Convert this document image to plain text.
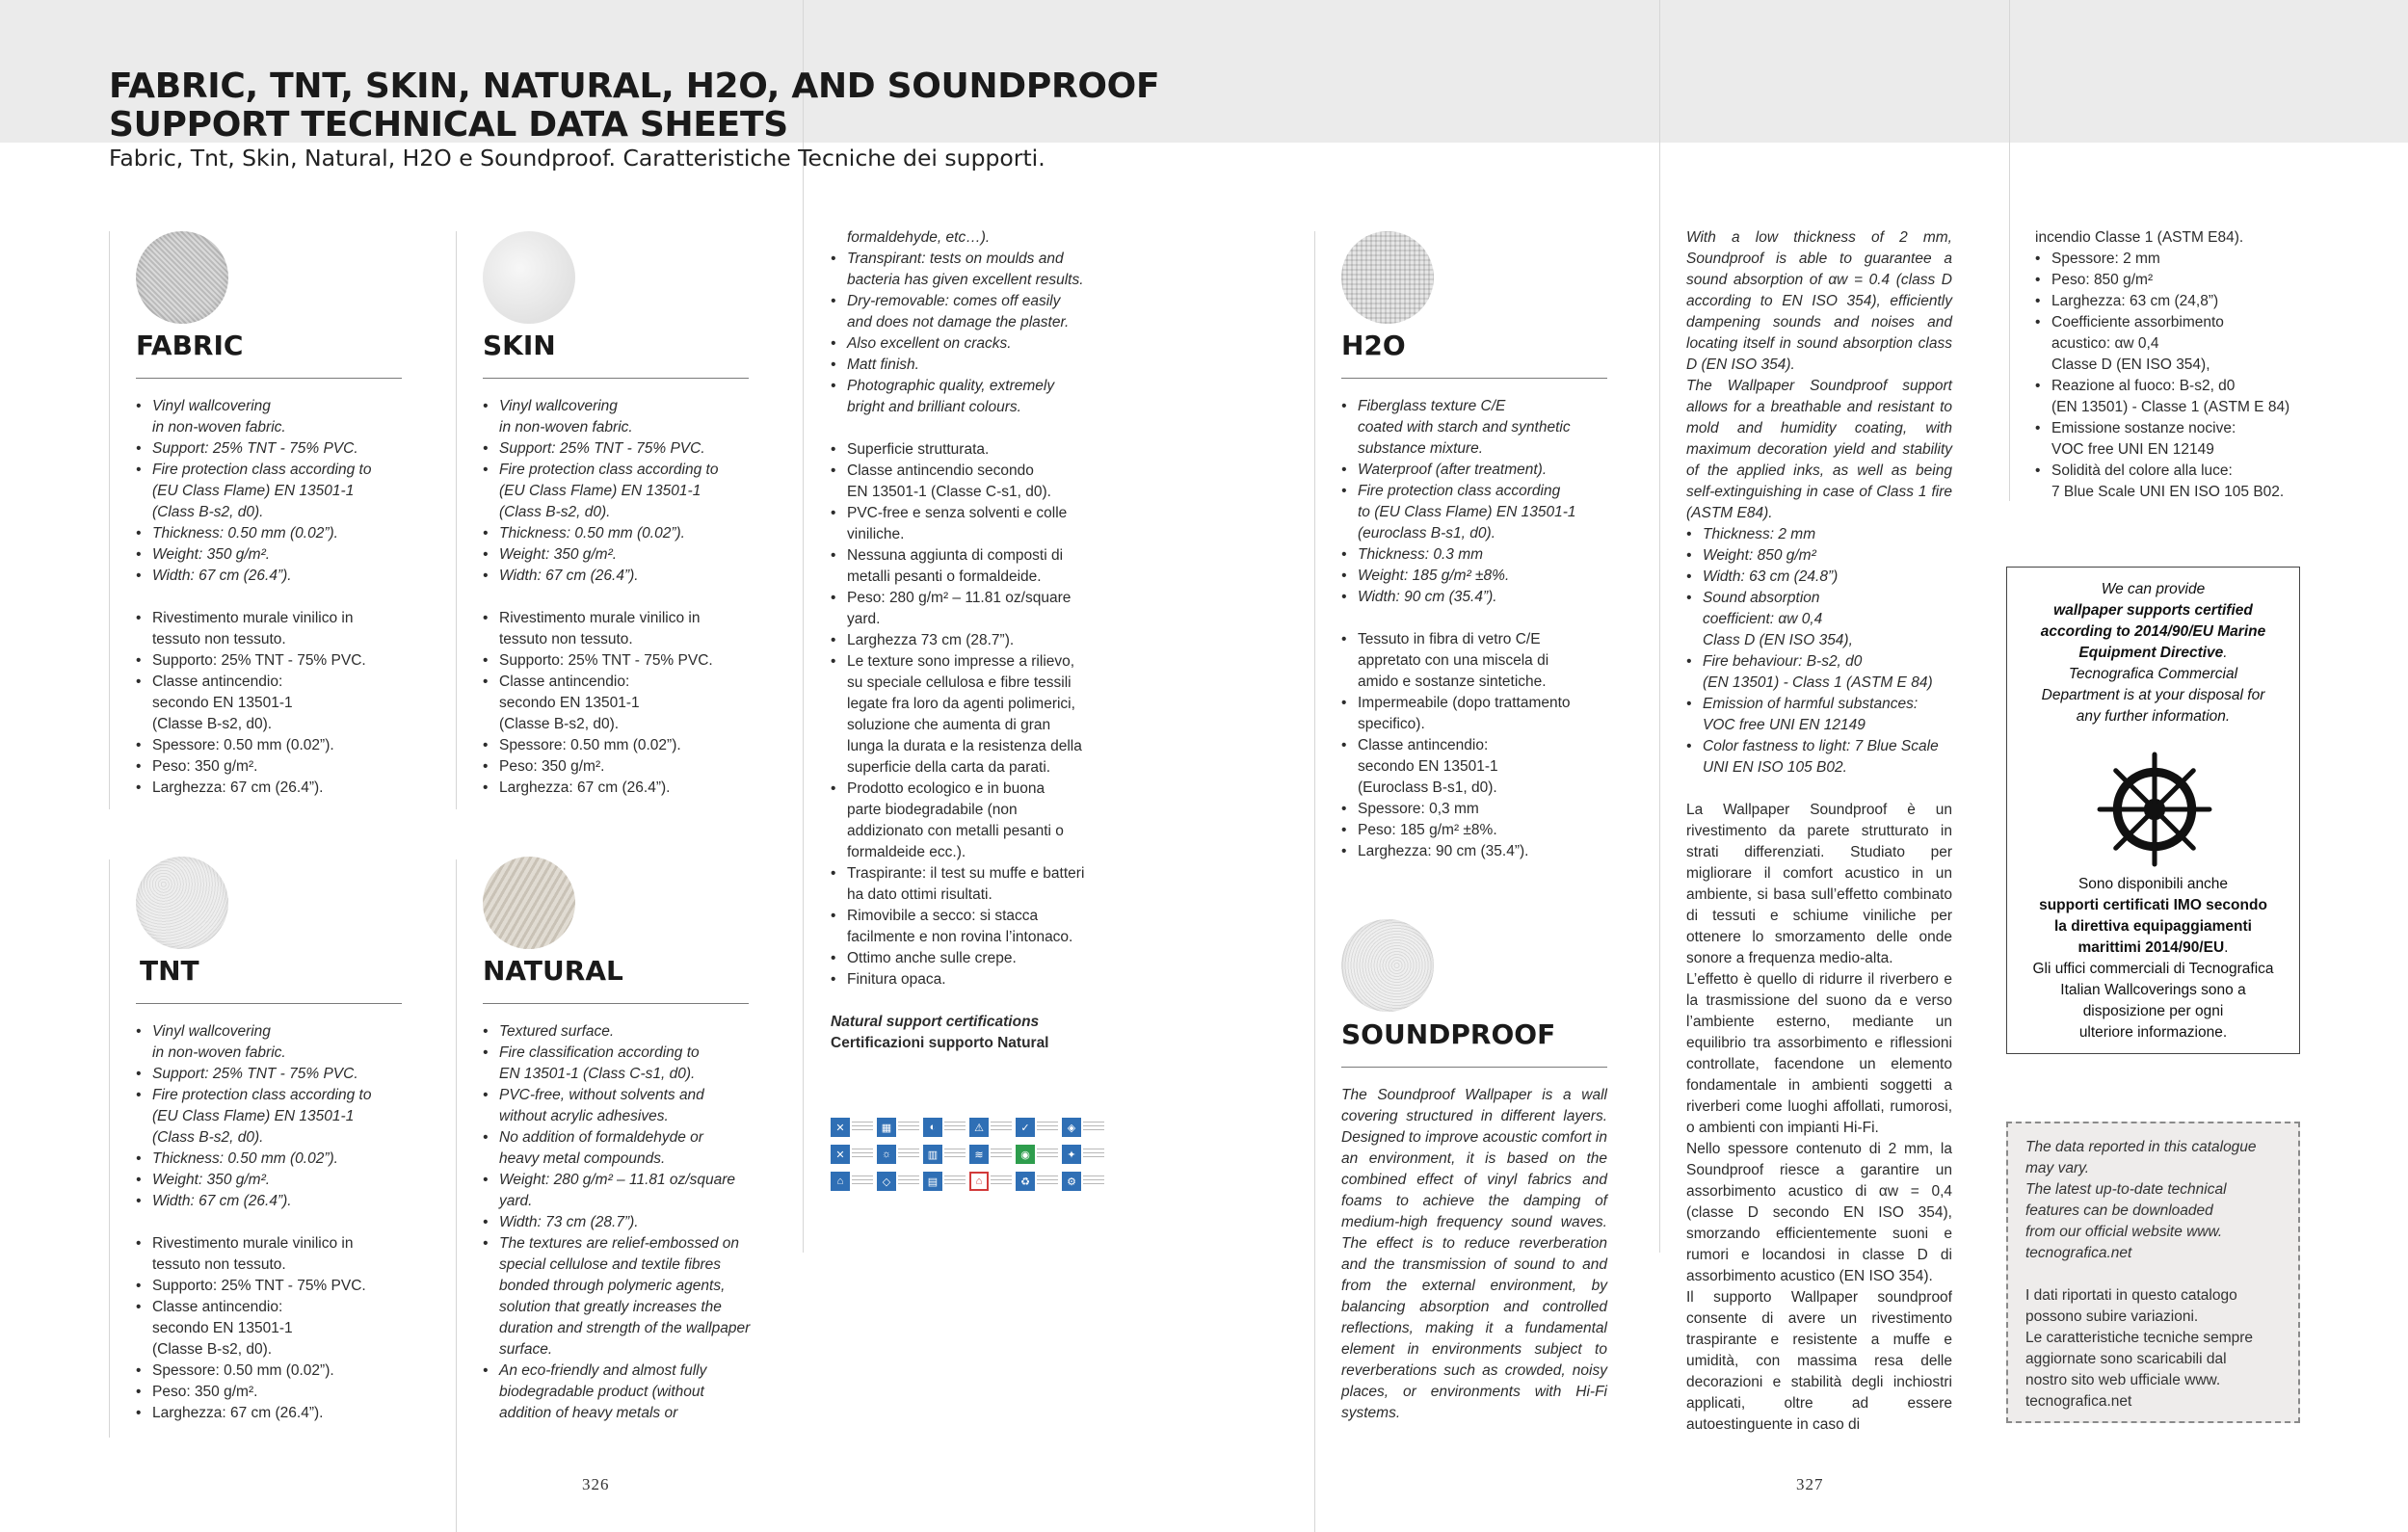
FABRIC, TNT, SKIN, NATURAL, H2O, AND SOUNDPROOF
SUPPORT TECHNICAL DATA SHEETS
Fabric, Tnt, Skin, Natural, H2O e Soundproof. Caratteristiche Tecniche dei supporti.
FABRIC
• Vinyl wallcovering
in non-woven fabric.
• Support: 25% TNT - 75% PVC.
• Fire protection class according to
(EU Class Flame) EN 13501-1
(Class B-s2, d0).
• Thickness: 0.50 mm (0.02”).
• Weight: 350 g/m².
• Width: 67 cm (26.4”).
• Rivestimento murale vinilico in
tessuto non tessuto.
• Supporto: 25% TNT - 75% PVC.
• Classe antincendio:
secondo EN 13501-1
(Classe B-s2, d0).
• Spessore: 0.50 mm (0.02”).
• Peso: 350 g/m².
• Larghezza: 67 cm (26.4”).
TNT
• Vinyl wallcovering
in non-woven fabric.
• Support: 25% TNT - 75% PVC.
• Fire protection class according to
(EU Class Flame) EN 13501-1
(Class B-s2, d0).
• Thickness: 0.50 mm (0.02”).
• Weight: 350 g/m².
• Width: 67 cm (26.4”).
• Rivestimento murale vinilico in
tessuto non tessuto.
• Supporto: 25% TNT - 75% PVC.
• Classe antincendio:
secondo EN 13501-1
(Classe B-s2, d0).
• Spessore: 0.50 mm (0.02”).
• Peso: 350 g/m².
• Larghezza: 67 cm (26.4”).
SKIN
• Vinyl wallcovering
in non-woven fabric.
• Support: 25% TNT - 75% PVC.
• Fire protection class according to
(EU Class Flame) EN 13501-1
(Class B-s2, d0).
• Thickness: 0.50 mm (0.02”).
• Weight: 350 g/m².
• Width: 67 cm (26.4”).
• Rivestimento murale vinilico in
tessuto non tessuto.
• Supporto: 25% TNT - 75% PVC.
• Classe antincendio:
secondo EN 13501-1
(Classe B-s2, d0).
• Spessore: 0.50 mm (0.02”).
• Peso: 350 g/m².
• Larghezza: 67 cm (26.4”).
NATURAL
• Textured surface.
• Fire classification according to
EN 13501-1 (Class C-s1, d0).
• PVC-free, without solvents and
without acrylic adhesives.
• No addition of formaldehyde or
heavy metal compounds.
• Weight: 280 g/m² – 11.81 oz/square
yard.
• Width: 73 cm (28.7”).
• The textures are relief-embossed on
special cellulose and textile fibres
bonded through polymeric agents,
solution that greatly increases the
duration and strength of the wallpaper
surface.
• An eco-friendly and almost fully
biodegradable product (without
addition of heavy metals or
formaldehyde, etc…).
• Transpirant: tests on moulds and
bacteria has given excellent results.
• Dry-removable: comes off easily
and does not damage the plaster.
• Also excellent on cracks.
• Matt finish.
• Photographic quality, extremely
bright and brilliant colours.
• Superficie strutturata.
• Classe antincendio secondo
EN 13501-1 (Classe C-s1, d0).
• PVC-free e senza solventi e colle
viniliche.
• Nessuna aggiunta di composti di
metalli pesanti o formaldeide.
• Peso: 280 g/m² – 11.81 oz/square
yard.
• Larghezza 73 cm (28.7”).
• Le texture sono impresse a rilievo,
su speciale cellulosa e fibre tessili
legate fra loro da agenti polimerici,
soluzione che aumenta di gran
lunga la durata e la resistenza della
superficie della carta da parati.
• Prodotto ecologico e in buona
parte biodegradabile (non
addizionato con metalli pesanti o
formaldeide ecc.).
• Traspirante: il test su muffe e batteri
ha dato ottimi risultati.
• Rimovibile a secco: si stacca
facilmente e non rovina l’intonaco.
• Ottimo anche sulle crepe.
• Finitura opaca.
Natural support certifications
Certificazioni supporto Natural
✕	▦	◐	⚠	✓	◈
✕	☼	▥	≋	◉	✦
⌂	◇	▤	⌂	♻	⚙
H2O
• Fiberglass texture C/E
coated with starch and synthetic
substance mixture.
• Waterproof (after treatment).
• Fire protection class according
to (EU Class Flame) EN 13501-1
(euroclass B-s1, d0).
• Thickness: 0.3 mm
• Weight: 185 g/m² ±8%.
• Width: 90 cm (35.4”).
• Tessuto in fibra di vetro C/E
appretato con una miscela di
amido e sostanze sintetiche.
• Impermeabile (dopo trattamento
specifico).
• Classe antincendio:
secondo EN 13501-1
(Euroclass B-s1, d0).
• Spessore: 0,3 mm
• Peso: 185 g/m² ±8%.
• Larghezza: 90 cm (35.4”).
SOUNDPROOF
The Soundproof Wallpaper is a wall covering structured in different layers. Designed to improve acoustic comfort in an environment, it is based on the combined effect of vinyl fabrics and foams to achieve the damping of medium-high frequency sound waves. The effect is to reduce reverberation and the transmission of sound to and from the external environment, by balancing absorption and controlled reflections, making it a fundamental element in environments subject to reverberations such as crowded, noisy places, or environments with Hi-Fi systems.
With a low thickness of 2 mm, Soundproof is able to guarantee a sound absorption of αw = 0.4 (class D according to EN ISO 354), efficiently dampening sounds and noises and locating itself in sound absorption class D (EN ISO 354).
The Wallpaper Soundproof support allows for a breathable and resistant to mold and humidity coating, with maximum decoration yield and stability of the applied inks, as well as being self-extinguishing in case of Class 1 fire (ASTM E84).
• Thickness: 2 mm
• Weight: 850 g/m²
• Width: 63 cm (24.8”)
• Sound absorption
coefficient: αw 0,4
Class D (EN ISO 354),
• Fire behaviour: B-s2, d0
(EN 13501) - Class 1 (ASTM E 84)
• Emission of harmful substances:
VOC free UNI EN 12149
• Color fastness to light: 7 Blue Scale
UNI EN ISO 105 B02.
La Wallpaper Soundproof è un rivestimento da parete strutturato in strati differenziati. Studiato per migliorare il comfort acustico in un ambiente, si basa sull’effetto combinato di tessuti e schiume viniliche per ottenere lo smorzamento delle onde sonore a frequenza medio-alta.
L’effetto è quello di ridurre il riverbero e la trasmissione del suono da e verso l’ambiente esterno, mediante un equilibrio tra assorbimento e riflessioni controllate, facendone un elemento fondamentale in ambienti soggetti a riverberi come luoghi affollati, rumorosi, o ambienti con impianti Hi-Fi.
Nello spessore contenuto di 2 mm, la Soundproof riesce a garantire un assorbimento acustico di αw = 0,4 (classe D secondo EN ISO 354), smorzando efficientemente suoni e rumori e locandosi in classe D di assorbimento acustico (EN ISO 354).
Il supporto Wallpaper soundproof consente di avere un rivestimento traspirante e resistente a muffe e umidità, con massima resa delle decorazioni e stabilità degli inchiostri applicati, oltre ad essere autoestinguente in caso di
incendio Classe 1 (ASTM E84).
• Spessore: 2 mm
• Peso: 850 g/m²
• Larghezza: 63 cm (24,8”)
• Coefficiente assorbimento
acustico: αw 0,4
Classe D (EN ISO 354),
• Reazione al fuoco: B-s2, d0
(EN 13501) - Classe 1 (ASTM E 84)
• Emissione sostanze nocive:
VOC free UNI EN 12149
• Solidità del colore alla luce:
7 Blue Scale UNI EN ISO 105 B02.
We can provide
wallpaper supports certified
according to 2014/90/EU Marine
Equipment Directive.
Tecnografica Commercial
Department is at your disposal for
any further information.
Sono disponibili anche
supporti certificati IMO secondo
la direttiva equipaggiamenti
marittimi 2014/90/EU.
Gli uffici commerciali di Tecnografica
Italian Wallcoverings sono a
disposizione per ogni
ulteriore informazione.
The data reported in this catalogue
may vary.
The latest up-to-date technical
features can be downloaded
from our official website www.
tecnografica.net
I dati riportati in questo catalogo
possono subire variazioni.
Le caratteristiche tecniche sempre
aggiornate sono scaricabili dal
nostro sito web ufficiale www.
tecnografica.net
326	327
